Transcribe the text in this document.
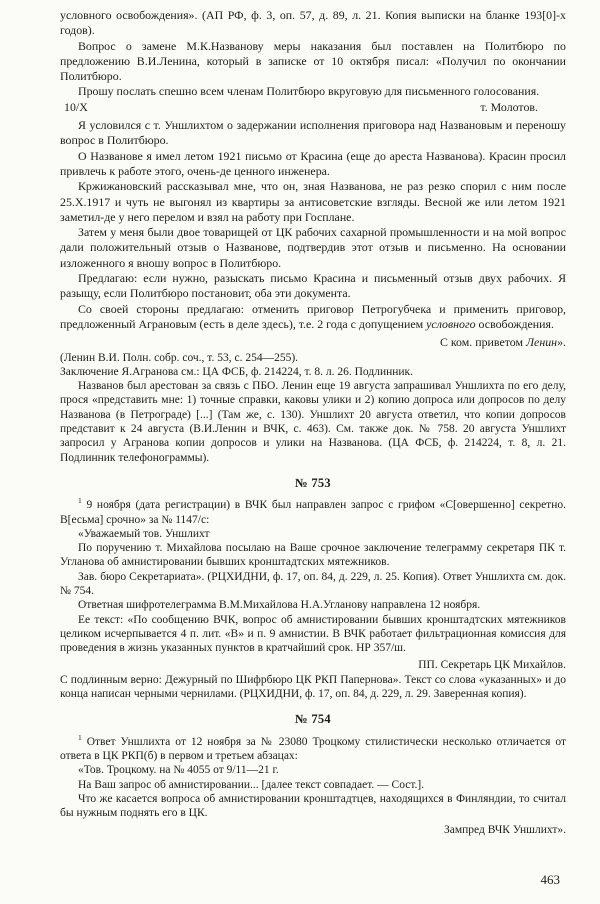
условного освобождения». (АП РФ, ф. 3, оп. 57, д. 89, л. 21. Копия выписки на бланке 193[0]-х годов).

Вопрос о замене М.К.Названову меры наказания был поставлен на Политбюро по предложению В.И.Ленина, который в записке от 10 октября писал: «Получил по окончании Политбюро.

Прошу послать спешно всем членам Политбюро вкруговую для письменного голосования.

10/X	т. Молотов.

Я условился с т. Уншлихтом о задержании исполнения приговора над Названовым и переношу вопрос в Политбюро.

О Названове я имел летом 1921 письмо от Красина (еще до ареста Названова). Красин просил привлечь к работе этого, очень-де ценного инженера.

Кржижановский рассказывал мне, что он, зная Названова, не раз резко спорил с ним после 25.X.1917 и чуть не выгонял из квартиры за антисоветские взгляды. Весной же или летом 1921 заметил-де у него перелом и взял на работу при Госплане.

Затем у меня были двое товарищей от ЦК рабочих сахарной промышленности и на мой вопрос дали положительный отзыв о Названове, подтвердив этот отзыв и письменно. На основании изложенного я вношу вопрос в Политбюро.

Предлагаю: если нужно, разыскать письмо Красина и письменный отзыв двух рабочих. Я разыщу, если Политбюро постановит, оба эти документа.

Со своей стороны предлагаю: отменить приговор Петрогубчека и применить приговор, предложенный Аграновым (есть в деле здесь), т.е. 2 года с допущением условного освобождения.

С ком. приветом Ленин».

(Ленин В.И. Полн. собр. соч., т. 53, с. 254—255).

Заключение Я.Агранова см.: ЦА ФСБ, ф. 214224, т. 8. л. 26. Подлинник.

Названов был арестован за связь с ПБО. Ленин еще 19 августа запрашивал Уншлихта по его делу, прося «представить мне: 1) точные справки, каковы улики и 2) копию допроса или допросов по делу Названова (в Петрограде) [...] (Там же, с. 130). Уншлихт 20 августа ответил, что копии допросов представит к 24 августа (В.И.Ленин и ВЧК, с. 463). См. также док. № 758. 20 августа Уншлихт запросил у Агранова копии допросов и улики на Названова. (ЦА ФСБ, ф. 214224, т. 8, л. 21. Подлинник телефонограммы).

№ 753

$^1$ 9 ноября (дата регистрации) в ВЧК был направлен запрос с грифом «С[овершенно] секретно. В[есьма] срочно» за № 1147/с:

«Уважаемый тов. Уншлихт

По поручению т. Михайлова посылаю на Ваше срочное заключение телеграмму секретаря ПК т. Угланова об амнистировании бывших кронштадтских мятежников.

Зав. бюро Секретариата». (РЦХИДНИ, ф. 17, оп. 84, д. 229, л. 25. Копия). Ответ Уншлихта см. док. № 754.

Ответная шифротелеграмма В.М.Михайлова Н.А.Угланову направлена 12 ноября.

Ее текст: «По сообщению ВЧК, вопрос об амнистировании бывших кронштадтских мятежников целиком исчерпывается 4 п. лит. «В» и п. 9 амнистии. В ВЧК работает фильтрационная комиссия для проведения в жизнь указанных пунктов в кратчайший срок. НР 357/ш.

ПП. Секретарь ЦК Михайлов.

С подлинным верно: Дежурный по Шифрбюро ЦК РКП Папернова». Текст со слова «указанных» и до конца написан черными чернилами. (РЦХИДНИ, ф. 17, оп. 84, д. 229, л. 29. Заверенная копия).

№ 754

$^1$ Ответ Уншлихта от 12 ноября за № 23080 Троцкому стилистически несколько отличается от ответа в ЦК РКП(б) в первом и третьем абзацах:

«Тов. Троцкому. на № 4055 от 9/11—21 г.

На Ваш запрос об амнистировании... [далее текст совпадает. — Сост.].

Что же касается вопроса об амнистировании кронштадтцев, находящихся в Финляндии, то считал бы нужным поднять его в ЦК.

Зампред ВЧК Уншлихт».

463
